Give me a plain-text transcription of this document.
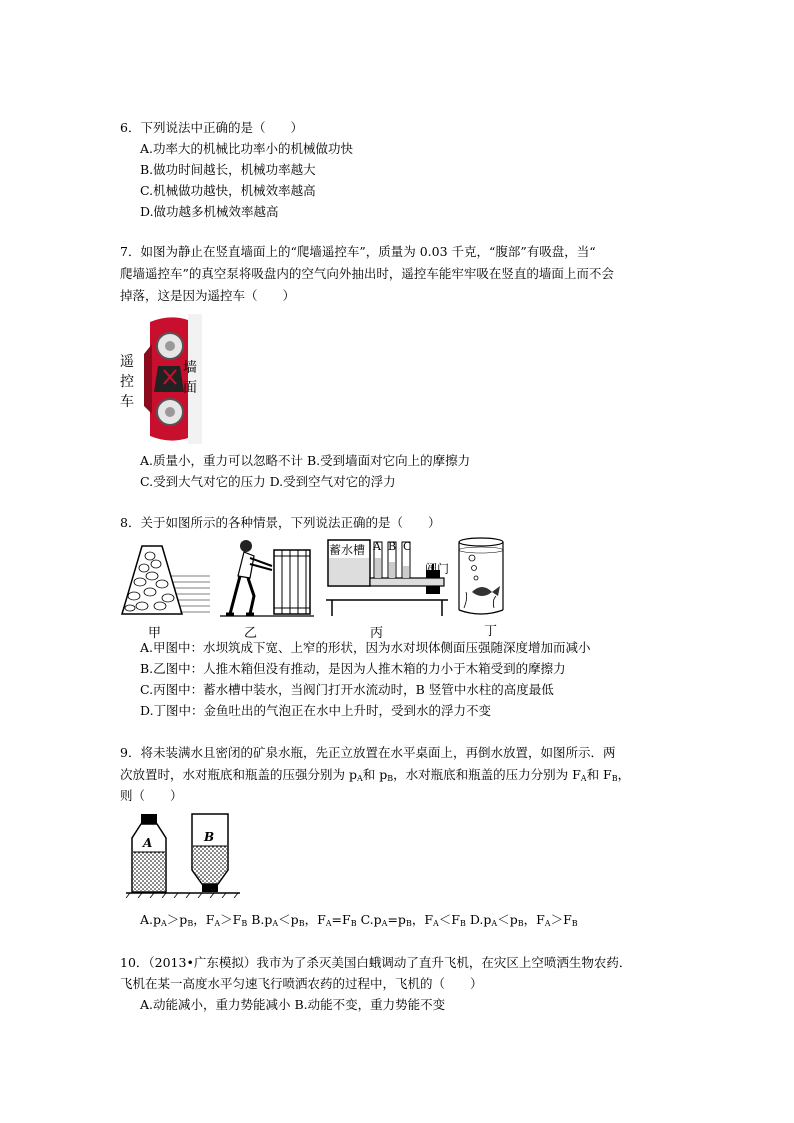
6．下列说法中正确的是（　　）
A.功率大的机械比功率小的机械做功快
B.做功时间越长，机械功率越大
C.机械做功越快，机械效率越高
D.做功越多机械效率越高
7．如图为静止在竖直墙面上的“爬墙遥控车”，质量为 0.03 千克，“腹部”有吸盘，当“
爬墙遥控车”的真空泵将吸盘内的空气向外抽出时，遥控车能牢牢吸在竖直的墙面上而不会
掉落，这是因为遥控车（　　）
遥
控
车
墙
面
A.质量小，重力可以忽略不计 B.受到墙面对它向上的摩擦力
C.受到大气对它的压力 D.受到空气对它的浮力
8．关于如图所示的各种情景，下列说法正确的是（　　）
甲	乙
蓄水槽 A B C
阀门
丙	丁
A.甲图中：水坝筑成下宽、上窄的形状，因为水对坝体侧面压强随深度增加而减小
B.乙图中：人推木箱但没有推动，是因为人推木箱的力小于木箱受到的摩擦力
C.丙图中：蓄水槽中装水，当阀门打开水流动时，B 竖管中水柱的高度最低
D.丁图中：金鱼吐出的气泡正在水中上升时，受到水的浮力不变
9．将未装满水且密闭的矿泉水瓶，先正立放置在水平桌面上，再倒水放置，如图所示．两
次放置时，水对瓶底和瓶盖的压强分别为 $p_A$和 $p_B$，水对瓶底和瓶盖的压力分别为 $F_A$和 $F_B$，
则（　　）
A	B
$A.p_A>p_B$，$F_A>F_B$ $B.p_A<p_B$，$F_A=F_B$ $C.p_A=p_B$，$F_A<F_B$ $D.p_A<p_B$，$F_A>F_B$
10．（2013•广东模拟）我市为了杀灭美国白蛾调动了直升飞机，在灾区上空喷洒生物农药．
飞机在某一高度水平匀速飞行喷洒农药的过程中，飞机的（　　）
A.动能减小，重力势能减小 B.动能不变，重力势能不变
